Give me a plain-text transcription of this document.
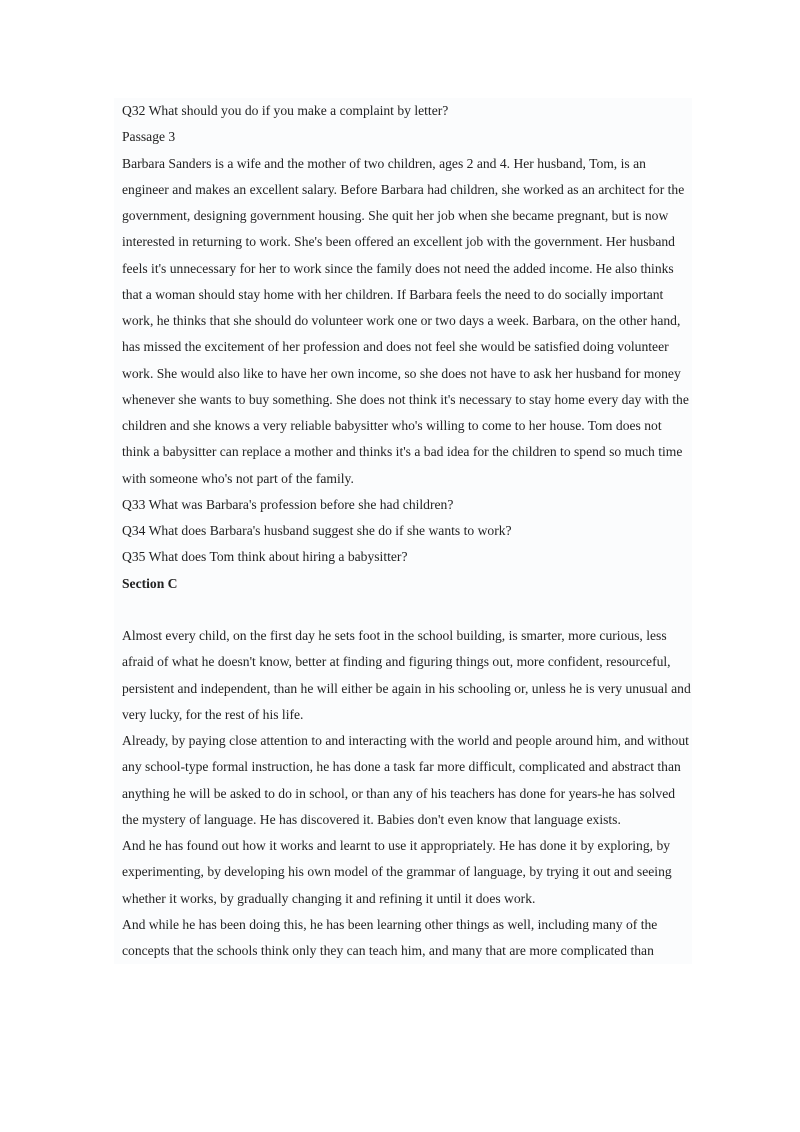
Q32 What should you do if you make a complaint by letter?

Passage 3

Barbara Sanders is a wife and the mother of two children, ages 2 and 4. Her husband, Tom, is an engineer and makes an excellent salary. Before Barbara had children, she worked as an architect for the government, designing government housing. She quit her job when she became pregnant, but is now interested in returning to work. She's been offered an excellent job with the government. Her husband feels it's unnecessary for her to work since the family does not need the added income. He also thinks that a woman should stay home with her children. If Barbara feels the need to do socially important work, he thinks that she should do volunteer work one or two days a week. Barbara, on the other hand, has missed the excitement of her profession and does not feel she would be satisfied doing volunteer work. She would also like to have her own income, so she does not have to ask her husband for money whenever she wants to buy something. She does not think it's necessary to stay home every day with the children and she knows a very reliable babysitter who's willing to come to her house. Tom does not think a babysitter can replace a mother and thinks it's a bad idea for the children to spend so much time with someone who's not part of the family.

Q33 What was Barbara's profession before she had children?

Q34 What does Barbara's husband suggest she do if she wants to work?

Q35 What does Tom think about hiring a babysitter?

Section C

Almost every child, on the first day he sets foot in the school building, is smarter, more curious, less afraid of what he doesn't know, better at finding and figuring things out, more confident, resourceful, persistent and independent, than he will either be again in his schooling or, unless he is very unusual and very lucky, for the rest of his life.

Already, by paying close attention to and interacting with the world and people around him, and without any school-type formal instruction, he has done a task far more difficult, complicated and abstract than anything he will be asked to do in school, or than any of his teachers has done for years-he has solved the mystery of language. He has discovered it. Babies don't even know that language exists.

And he has found out how it works and learnt to use it appropriately. He has done it by exploring, by experimenting, by developing his own model of the grammar of language, by trying it out and seeing whether it works, by gradually changing it and refining it until it does work.

And while he has been doing this, he has been learning other things as well, including many of the concepts that the schools think only they can teach him, and many that are more complicated than
